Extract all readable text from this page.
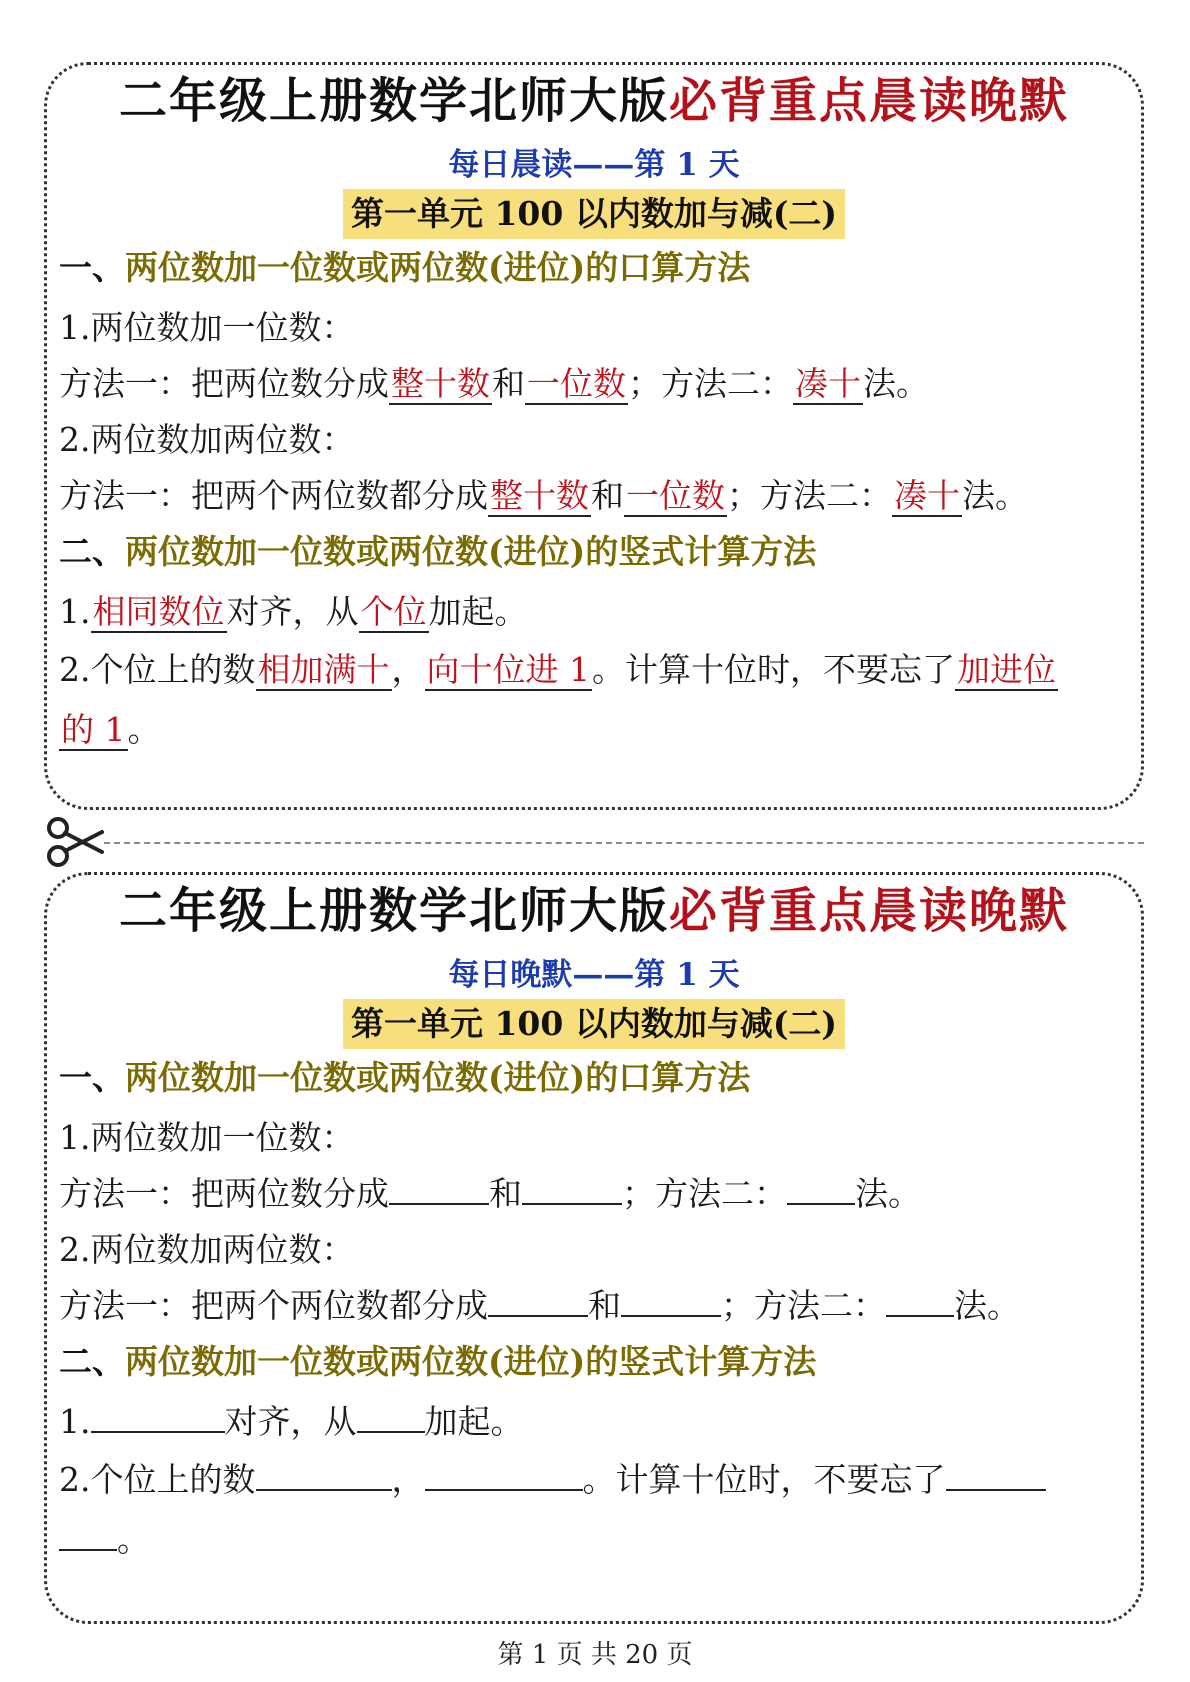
二年级上册数学北师大版必背重点晨读晚默
每日晨读——第 1 天
第一单元 100 以内数加与减(二)
一、两位数加一位数或两位数(进位)的口算方法
1.两位数加一位数：
方法一：把两位数分成整十数和一位数；方法二：凑十法。
2.两位数加两位数：
方法一：把两个两位数都分成整十数和一位数；方法二：凑十法。
二、两位数加一位数或两位数(进位)的竖式计算方法
1.相同数位对齐，从个位加起。
2.个位上的数相加满十，向十位进 1。计算十位时，不要忘了加进位
的 1。
二年级上册数学北师大版必背重点晨读晚默
每日晚默——第 1 天
第一单元 100 以内数加与减(二)
一、两位数加一位数或两位数(进位)的口算方法
1.两位数加一位数：
方法一：把两位数分成	和	；方法二： 法。
2.两位数加两位数：
方法一：把两个两位数都分成	和	；方法二： 法。
二、两位数加一位数或两位数(进位)的竖式计算方法
1.	对齐，从 加起。
2.个位上的数	，	。计算十位时，不要忘了
。
第 1 页 共 20 页
